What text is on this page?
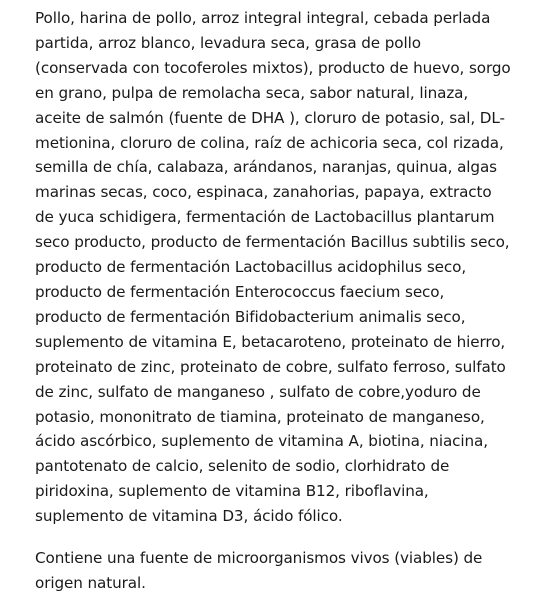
Pollo, harina de pollo, arroz integral integral, cebada perlada partida, arroz blanco, levadura seca, grasa de pollo (conservada con tocoferoles mixtos), producto de huevo, sorgo en grano, pulpa de remolacha seca, sabor natural, linaza, aceite de salmón (fuente de DHA ), cloruro de potasio, sal, DL-metionina, cloruro de colina, raíz de achicoria seca, col rizada, semilla de chía, calabaza, arándanos, naranjas, quinua, algas marinas secas, coco, espinaca, zanahorias, papaya, extracto de yuca schidigera, fermentación de Lactobacillus plantarum seco producto, producto de fermentación Bacillus subtilis seco, producto de fermentación Lactobacillus acidophilus seco, producto de fermentación Enterococcus faecium seco, producto de fermentación Bifidobacterium animalis seco, suplemento de vitamina E, betacaroteno, proteinato de hierro, proteinato de zinc, proteinato de cobre, sulfato ferroso, sulfato de zinc, sulfato de manganeso , sulfato de cobre,yoduro de potasio, mononitrato de tiamina, proteinato de manganeso, ácido ascórbico, suplemento de vitamina A, biotina, niacina, pantotenato de calcio, selenito de sodio, clorhidrato de piridoxina, suplemento de vitamina B12, riboflavina, suplemento de vitamina D3, ácido fólico.

Contiene una fuente de microorganismos vivos (viables) de origen natural.
